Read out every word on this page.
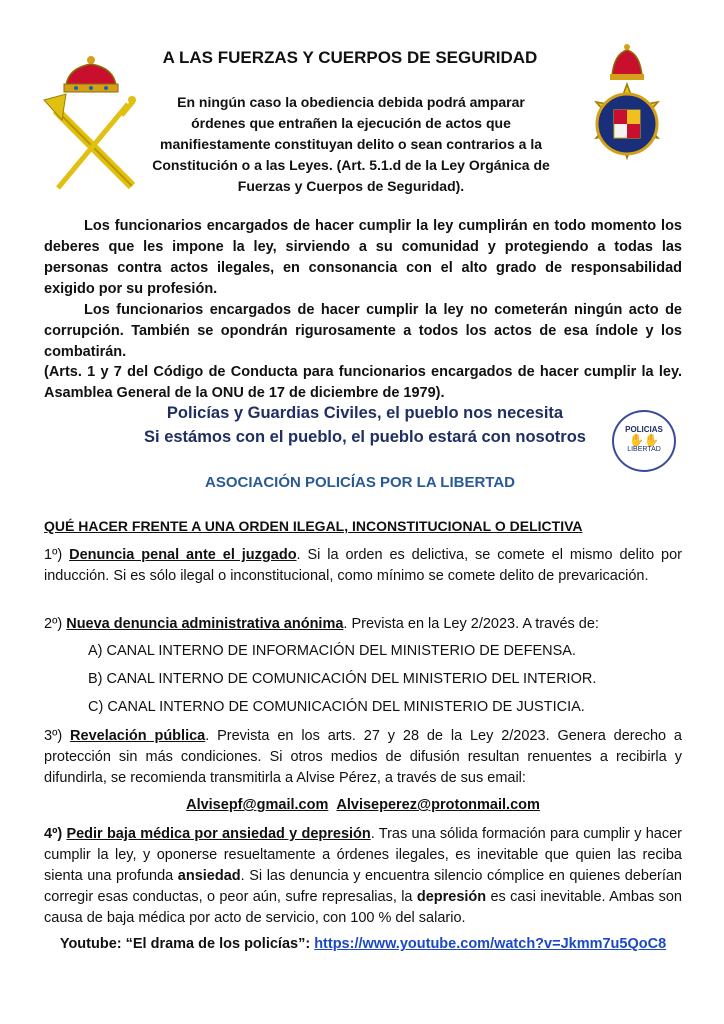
A LAS FUERZAS Y CUERPOS DE SEGURIDAD
En ningún caso la obediencia debida podrá amparar órdenes que entrañen la ejecución de actos que manifiestamente constituyan delito o sean contrarios a la Constitución o a las Leyes. (Art. 5.1.d de la Ley Orgánica de Fuerzas y Cuerpos de Seguridad).
Los funcionarios encargados de hacer cumplir la ley cumplirán en todo momento los deberes que les impone la ley, sirviendo a su comunidad y protegiendo a todas las personas contra actos ilegales, en consonancia con el alto grado de responsabilidad exigido por su profesión.
Los funcionarios encargados de hacer cumplir la ley no cometerán ningún acto de corrupción. También se opondrán rigurosamente a todos los actos de esa índole y los combatirán.
(Arts. 1 y 7 del Código de Conducta para funcionarios encargados de hacer cumplir la ley. Asamblea General de la ONU de 17 de diciembre de 1979).
Policías y Guardias Civiles, el pueblo nos necesita
Si estámos con el pueblo, el pueblo estará con nosotros	POLICIAS
✋✋
LIBERTAD
ASOCIACIÓN POLICÍAS POR LA LIBERTAD
QUÉ HACER FRENTE A UNA ORDEN ILEGAL, INCONSTITUCIONAL O DELICTIVA
1º) Denuncia penal ante el juzgado. Si la orden es delictiva, se comete el mismo delito por inducción. Si es sólo ilegal o inconstitucional, como mínimo se comete delito de prevaricación.
2º) Nueva denuncia administrativa anónima. Prevista en la Ley 2/2023. A través de:
A) CANAL INTERNO DE INFORMACIÓN DEL MINISTERIO DE DEFENSA.
B) CANAL INTERNO DE COMUNICACIÓN DEL MINISTERIO DEL INTERIOR.
C) CANAL INTERNO DE COMUNICACIÓN DEL MINISTERIO DE JUSTICIA.
3º) Revelación pública. Prevista en los arts. 27 y 28 de la Ley 2/2023. Genera derecho a protección sin más condiciones. Si otros medios de difusión resultan renuentes a recibirla y difundirla, se recomienda transmitirla a Alvise Pérez, a través de sus email:
Alvisepf@gmail.com Alviseperez@protonmail.com
4º) Pedir baja médica por ansiedad y depresión. Tras una sólida formación para cumplir y hacer cumplir la ley, y oponerse resueltamente a órdenes ilegales, es inevitable que quien las reciba sienta una profunda ansiedad. Si las denuncia y encuentra silencio cómplice en quienes deberían corregir esas conductas, o peor aún, sufre represalias, la depresión es casi inevitable. Ambas son causa de baja médica por acto de servicio, con 100 % del salario.
Youtube: “El drama de los policías”: https://www.youtube.com/watch?v=Jkmm7u5QoC8
